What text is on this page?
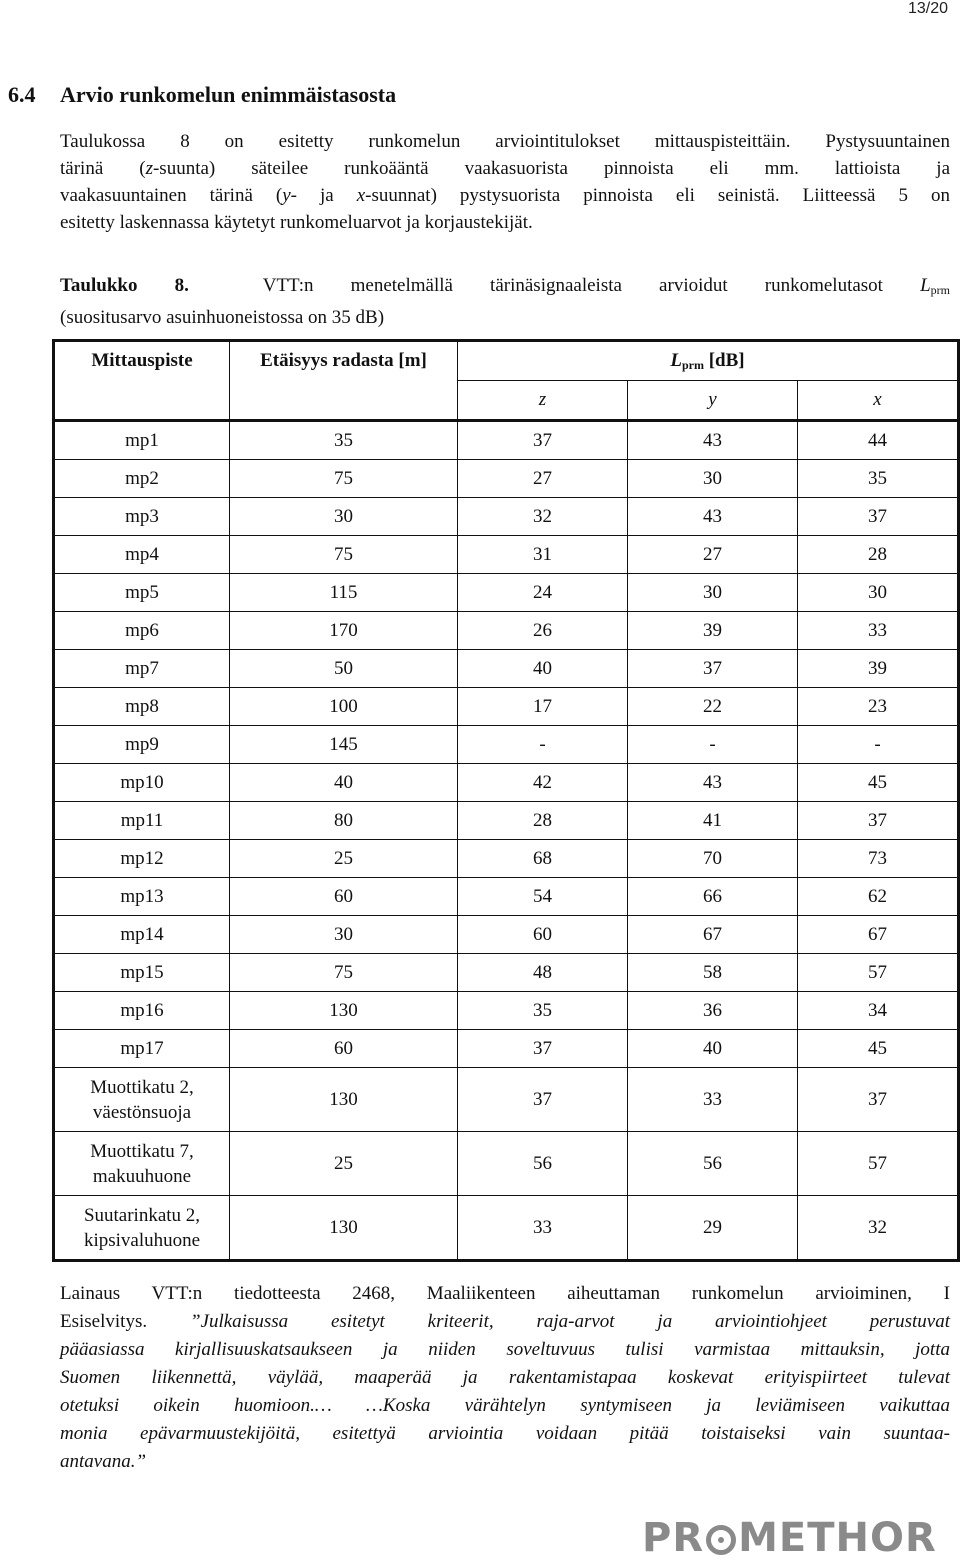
13/20
6.4 Arvio runkomelun enimmäistasosta
Taulukossa 8 on esitetty runkomelun arviointitulokset mittauspisteittäin. Pystysuuntainen
tärinä (z-suunta) säteilee runkoääntä vaakasuorista pinnoista eli mm. lattioista ja
vaakasuuntainen tärinä (y- ja x-suunnat) pystysuorista pinnoista eli seinistä. Liitteessä 5 on
esitetty laskennassa käytetyt runkomeluarvot ja korjaustekijät.
Taulukko 8.	VTT:n menetelmällä tärinäsignaaleista arvioidut runkomelutasot $L_{prm}$
(suositusarvo asuinhuoneistossa on 35 dB)
Mittauspiste	Etäisyys radasta [m]	$L_{prm}$ [dB]		
		z	y	x
mp1	35	37	43	44
mp2	75	27	30	35
mp3	30	32	43	37
mp4	75	31	27	28
mp5	115	24	30	30
mp6	170	26	39	33
mp7	50	40	37	39
mp8	100	17	22	23
mp9	145	-	-	-
mp10	40	42	43	45
mp11	80	28	41	37
mp12	25	68	70	73
mp13	60	54	66	62
mp14	30	60	67	67
mp15	75	48	58	57
mp16	130	35	36	34
mp17	60	37	40	45

Muottikatu 2,
väestönsuoja	130	37	33	37

Muottikatu 7,
makuuhuone	25	56	56	57

Suutarinkatu 2,
kipsivaluhuone	130	33	29	32
Lainaus VTT:n tiedotteesta 2468, Maaliikenteen aiheuttaman runkomelun arvioiminen, I
Esiselvitys. ”Julkaisussa esitetyt kriteerit, raja-arvot ja arviointiohjeet perustuvat
pääasiassa kirjallisuuskatsaukseen ja niiden soveltuvuus tulisi varmistaa mittauksin, jotta
Suomen liikennettä, väylää, maaperää ja rakentamistapaa koskevat erityispiirteet tulevat
otetuksi oikein huomioon.… …Koska värähtelyn syntymiseen ja leviämiseen vaikuttaa
monia epävarmuustekijöitä, esitettyä arviointia voidaan pitää toistaiseksi vain suuntaa-
antavana.”
PR METHOR
